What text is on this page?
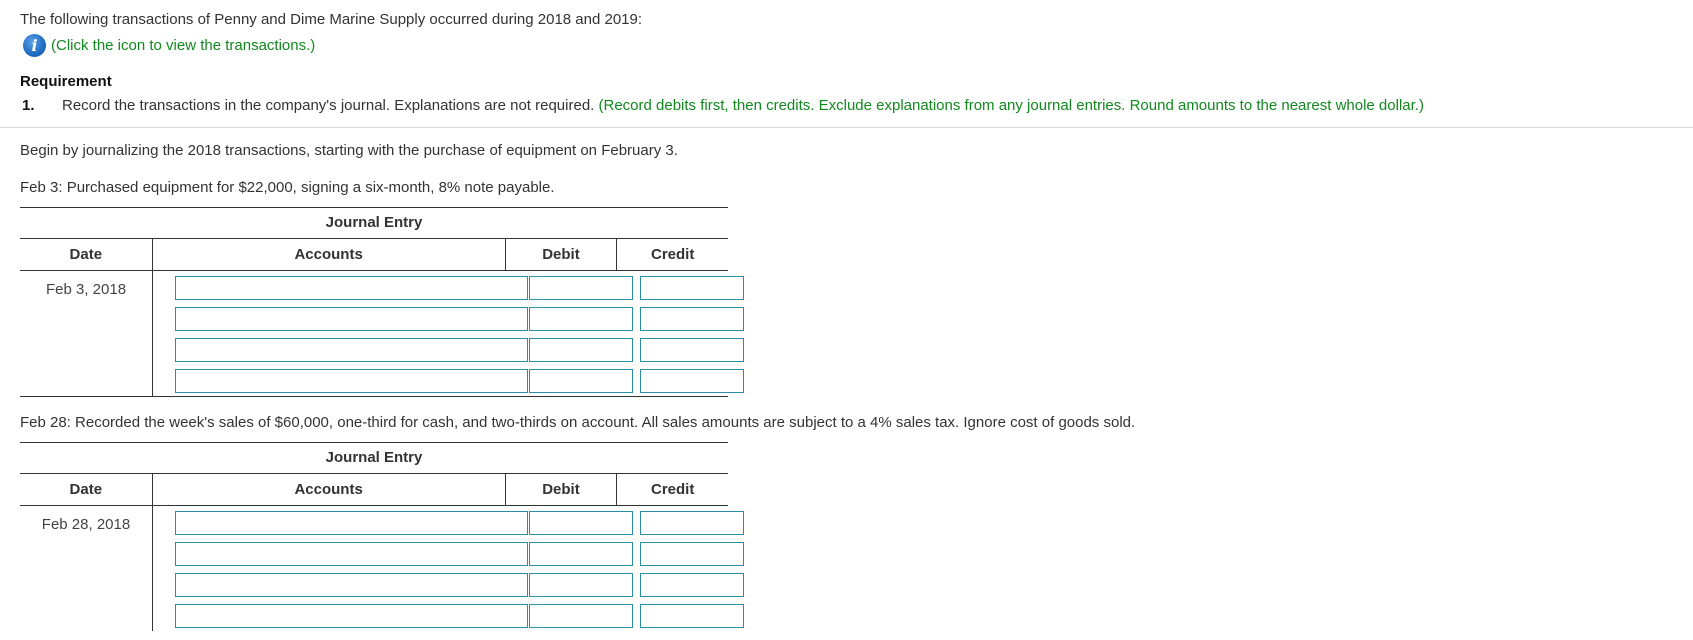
The following transactions of Penny and Dime Marine Supply occurred during 2018 and 2019:
i (Click the icon to view the transactions.)
Requirement
1. Record the transactions in the company's journal. Explanations are not required. (Record debits first, then credits. Exclude explanations from any journal entries. Round amounts to the nearest whole dollar.)
Begin by journalizing the 2018 transactions, starting with the purchase of equipment on February 3.
Feb 3: Purchased equipment for $22,000, signing a six-month, 8% note payable.
Journal Entry
Date	Accounts	Debit	Credit
Feb 3, 2018
Feb 28: Recorded the week's sales of $60,000, one-third for cash, and two-thirds on account. All sales amounts are subject to a 4% sales tax. Ignore cost of goods sold.
Journal Entry
Date	Accounts	Debit	Credit
Feb 28, 2018
